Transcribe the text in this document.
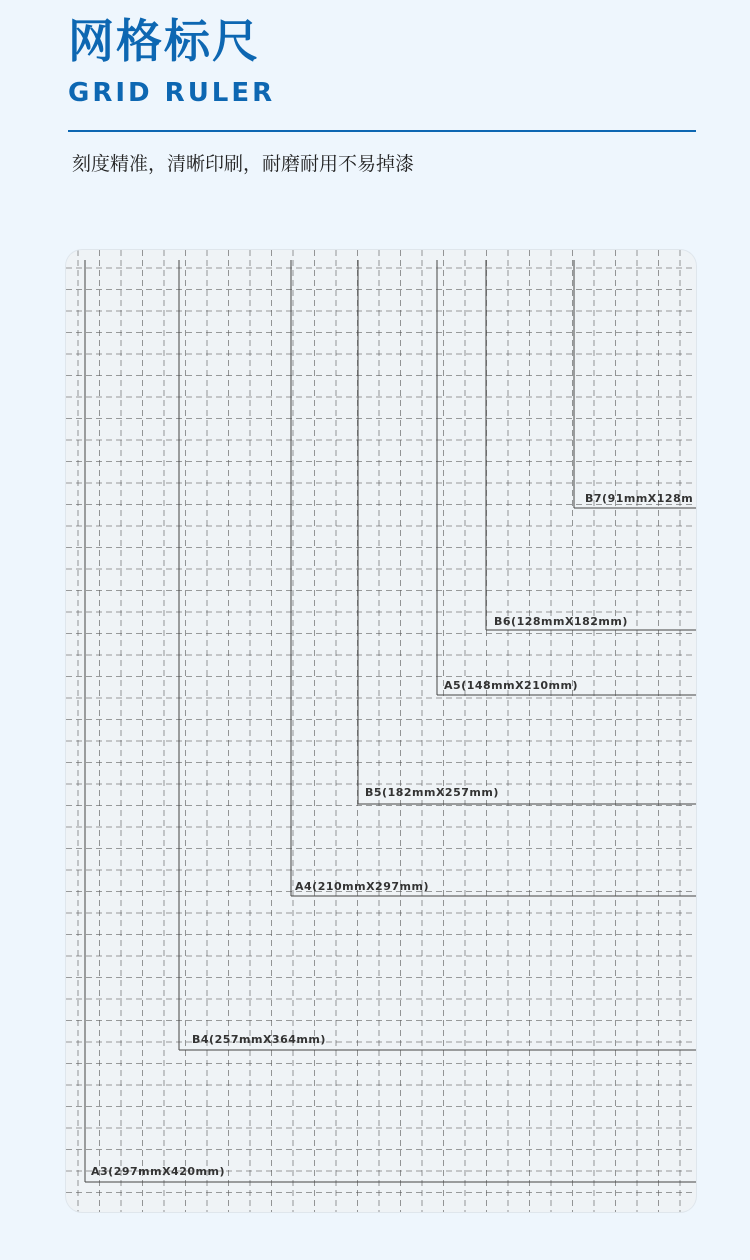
网格标尺
GRID RULER
刻度精准，清晰印刷，耐磨耐用不易掉漆
B7(91mmX128m
B6(128mmX182mm)
A5(148mmX210mm)
B5(182mmX257mm)
A4(210mmX297mm)
B4(257mmX364mm)
A3(297mmX420mm)
